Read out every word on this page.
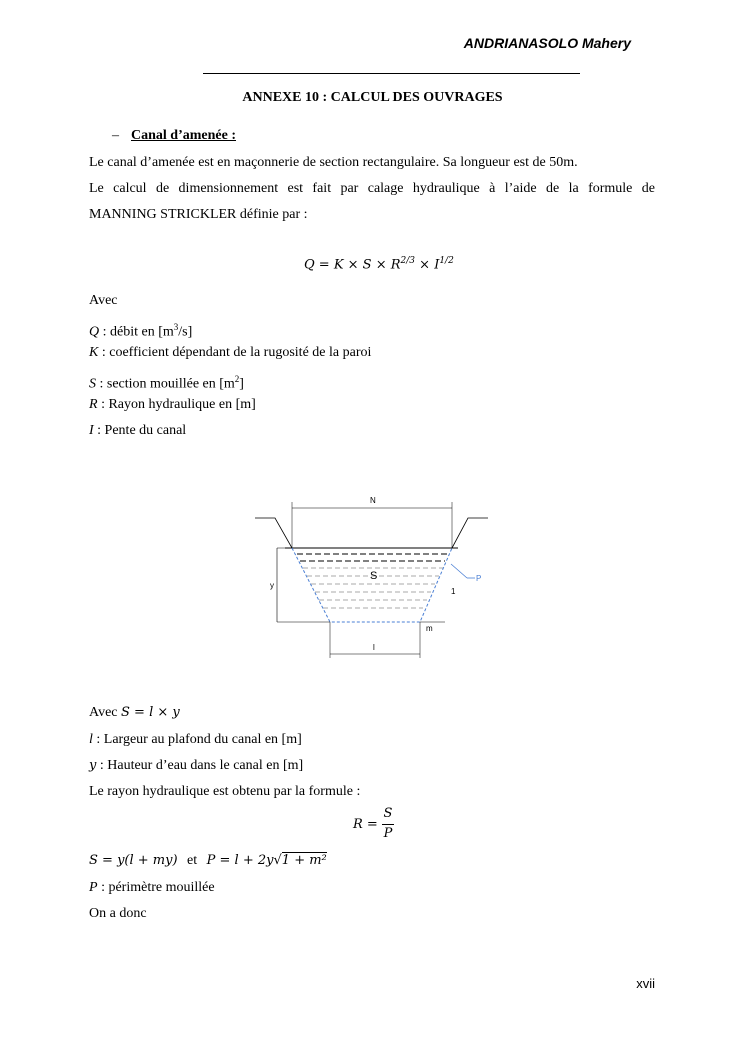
ANDRIANASOLO Mahery
ANNEXE 10 : CALCUL DES OUVRAGES
– Canal d’amenée :
Le canal d’amenée est en maçonnerie de section rectangulaire. Sa longueur est de 50m.
Le calcul de dimensionnement est fait par calage hydraulique à l’aide de la formule de
MANNING STRICKLER définie par :
$Q = K \times S \times R^{2/3} \times I^{1/2}$
Avec
Q : débit en $[m^3/s]$
K : coefficient dépendant de la rugosité de la paroi
S : section mouillée en $[m^2]$
R : Rayon hydraulique en [m]
I : Pente du canal
N
S	P
y
1
m
l
Avec S = l × y
l : Largeur au plafond du canal en [m]
y : Hauteur d’eau dans le canal en [m]
Le rayon hydraulique est obtenu par la formule :
R =
S
P
S = y(l + my) et P = l + 2y√1 + m²
P : périmètre mouillée
On a donc
xvii
